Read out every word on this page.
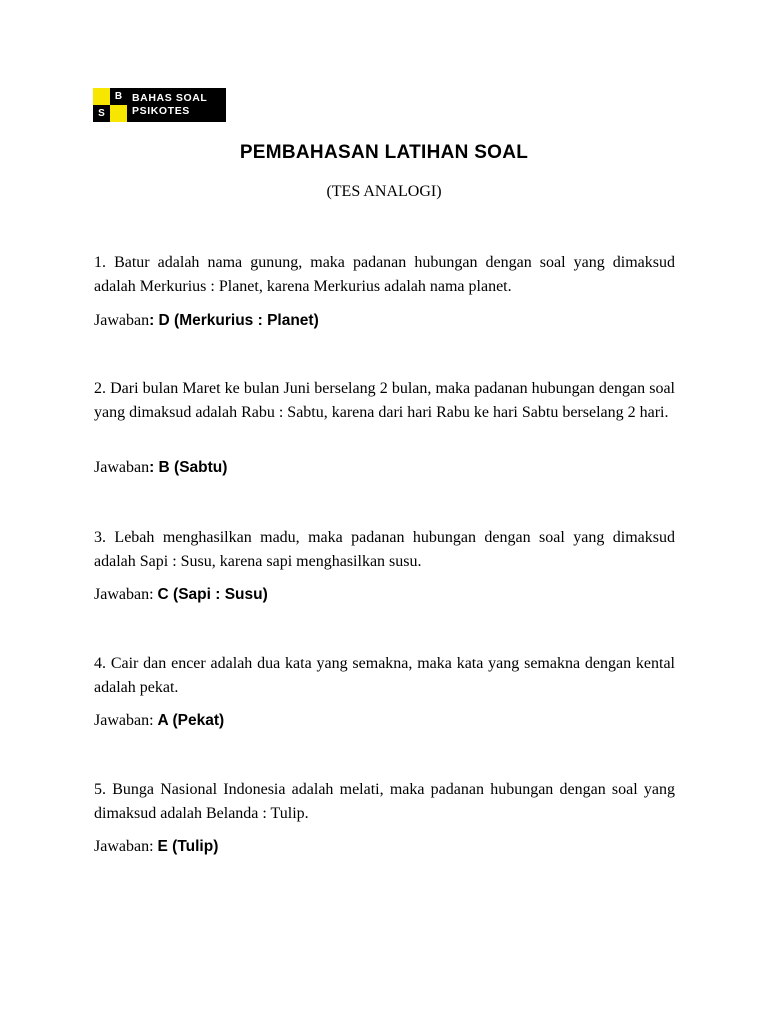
B
S
BAHAS SOAL
PSIKOTES
PEMBAHASAN LATIHAN SOAL
(TES ANALOGI)

1. Batur adalah nama gunung, maka padanan hubungan dengan soal yang dimaksud adalah Merkurius : Planet, karena Merkurius adalah nama planet.

Jawaban: D (Merkurius : Planet)

2. Dari bulan Maret ke bulan Juni berselang 2 bulan, maka padanan hubungan dengan soal yang dimaksud adalah Rabu : Sabtu, karena dari hari Rabu ke hari Sabtu berselang 2 hari.

Jawaban: B (Sabtu)

3. Lebah menghasilkan madu, maka padanan hubungan dengan soal yang dimaksud adalah Sapi : Susu, karena sapi menghasilkan susu.

Jawaban: C (Sapi : Susu)

4. Cair dan encer adalah dua kata yang semakna, maka kata yang semakna dengan kental adalah pekat.

Jawaban: A (Pekat)

5. Bunga Nasional Indonesia adalah melati, maka padanan hubungan dengan soal yang dimaksud adalah Belanda : Tulip.

Jawaban: E (Tulip)
